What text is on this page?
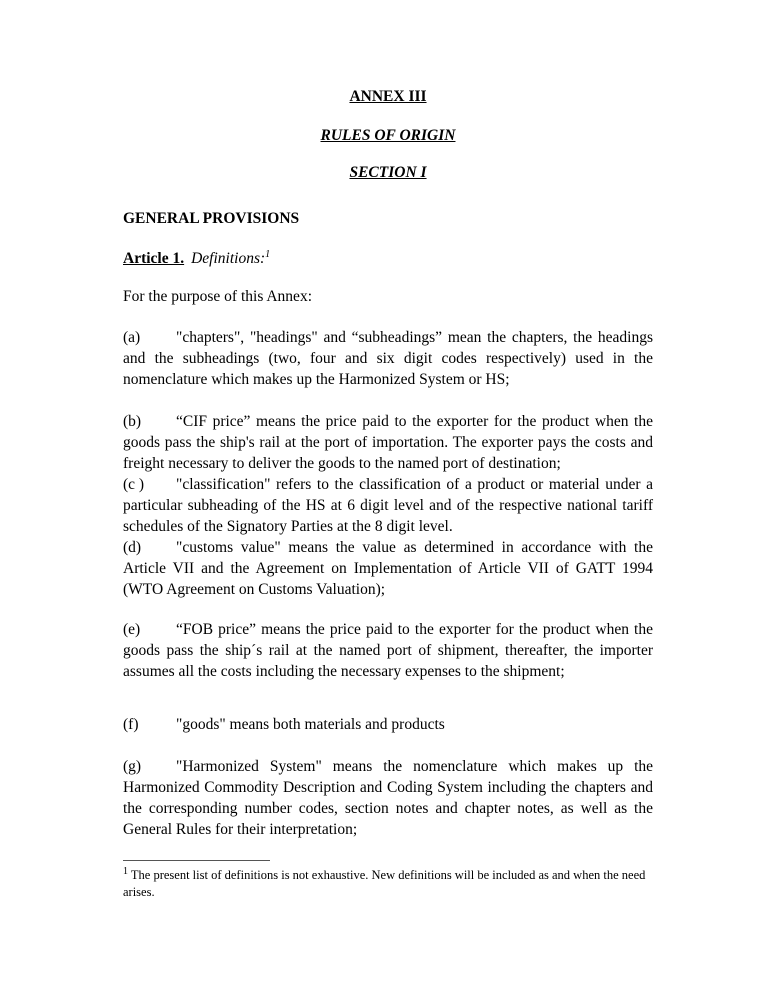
ANNEX III

RULES OF ORIGIN

SECTION I

GENERAL PROVISIONS

Article 1. Definitions:$^1$

For the purpose of this Annex:

(a) "chapters", "headings" and “subheadings” mean the chapters, the headings and the subheadings (two, four and six digit codes respectively) used in the nomenclature which makes up the Harmonized System or HS;

(b) “CIF price” means the price paid to the exporter for the product when the goods pass the ship's rail at the port of importation. The exporter pays the costs and freight necessary to deliver the goods to the named port of destination;

(c ) "classification" refers to the classification of a product or material under a particular subheading of the HS at 6 digit level and of the respective national tariff schedules of the Signatory Parties at the 8 digit level.

(d) "customs value" means the value as determined in accordance with the Article VII and the Agreement on Implementation of Article VII of GATT 1994 (WTO Agreement on Customs Valuation);

(e) “FOB price” means the price paid to the exporter for the product when the goods pass the ship´s rail at the named port of shipment, thereafter, the importer assumes all the costs including the necessary expenses to the shipment;

(f) "goods" means both materials and products

(g) "Harmonized System" means the nomenclature which makes up the Harmonized Commodity Description and Coding System including the chapters and the corresponding number codes, section notes and chapter notes, as well as the General Rules for their interpretation;

$^1$ The present list of definitions is not exhaustive. New definitions will be included as and when the need arises.
